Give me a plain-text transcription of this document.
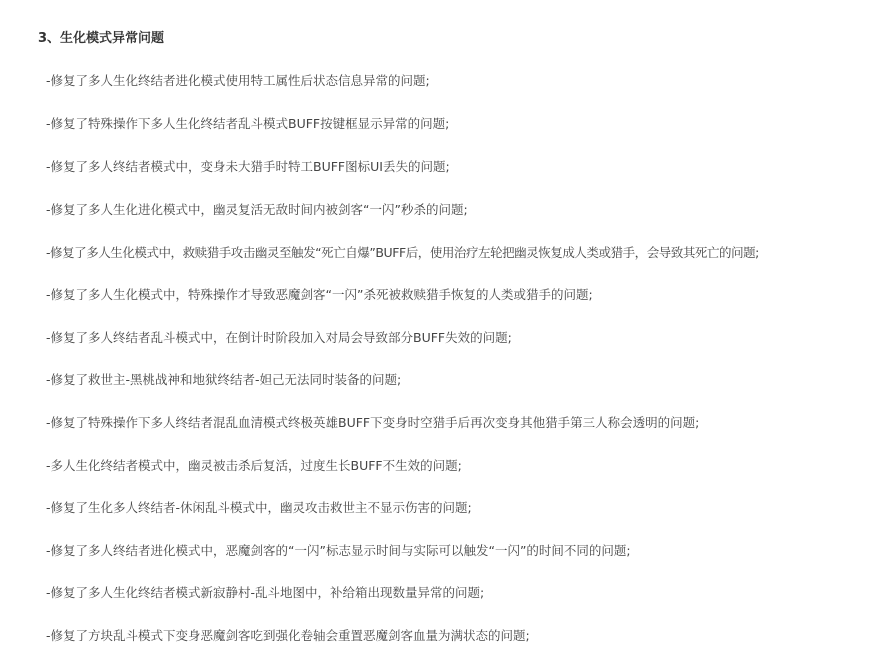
3、生化模式异常问题
-修复了多人生化终结者进化模式使用特工属性后状态信息异常的问题;
-修复了特殊操作下多人生化终结者乱斗模式BUFF按键框显示异常的问题;
-修复了多人终结者模式中，变身未大猎手时特工BUFF图标UI丢失的问题;
-修复了多人生化进化模式中，幽灵复活无敌时间内被剑客“一闪”秒杀的问题;
-修复了多人生化模式中，救赎猎手攻击幽灵至触发“死亡自爆”BUFF后，使用治疗左轮把幽灵恢复成人类或猎手，会导致其死亡的问题;
-修复了多人生化模式中，特殊操作才导致恶魔剑客“一闪”杀死被救赎猎手恢复的人类或猎手的问题;
-修复了多人终结者乱斗模式中，在倒计时阶段加入对局会导致部分BUFF失效的问题;
-修复了救世主-黑桃战神和地狱终结者-妲己无法同时装备的问题;
-修复了特殊操作下多人终结者混乱血清模式终极英雄BUFF下变身时空猎手后再次变身其他猎手第三人称会透明的问题;
-多人生化终结者模式中，幽灵被击杀后复活，过度生长BUFF不生效的问题;
-修复了生化多人终结者-休闲乱斗模式中，幽灵攻击救世主不显示伤害的问题;
-修复了多人终结者进化模式中，恶魔剑客的“一闪”标志显示时间与实际可以触发“一闪”的时间不同的问题;
-修复了多人生化终结者模式新寂静村-乱斗地图中，补给箱出现数量异常的问题;
-修复了方块乱斗模式下变身恶魔剑客吃到强化卷轴会重置恶魔剑客血量为满状态的问题;
